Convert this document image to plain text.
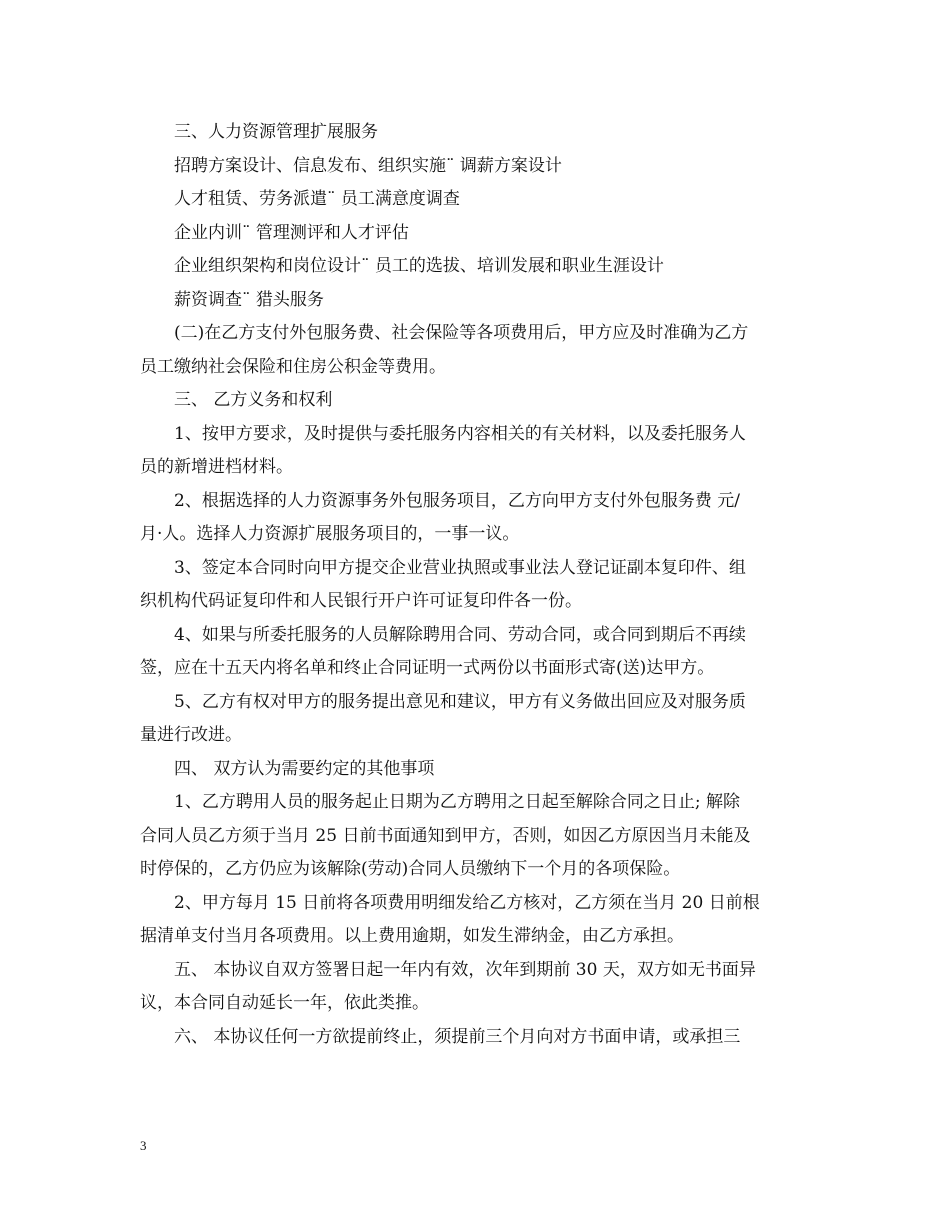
三、人力资源管理扩展服务
招聘方案设计、信息发布、组织实施¨ 调薪方案设计
人才租赁、劳务派遣¨ 员工满意度调查
企业内训¨ 管理测评和人才评估
企业组织架构和岗位设计¨ 员工的选拔、培训发展和职业生涯设计
薪资调查¨ 猎头服务
(二)在乙方支付外包服务费、社会保险等各项费用后，甲方应及时准确为乙方
员工缴纳社会保险和住房公积金等费用。
三、 乙方义务和权利
1、按甲方要求，及时提供与委托服务内容相关的有关材料，以及委托服务人
员的新增进档材料。
2、根据选择的人力资源事务外包服务项目，乙方向甲方支付外包服务费 元/
月·人。选择人力资源扩展服务项目的，一事一议。
3、签定本合同时向甲方提交企业营业执照或事业法人登记证副本复印件、组
织机构代码证复印件和人民银行开户许可证复印件各一份。
4、如果与所委托服务的人员解除聘用合同、劳动合同，或合同到期后不再续
签，应在十五天内将名单和终止合同证明一式两份以书面形式寄(送)达甲方。
5、乙方有权对甲方的服务提出意见和建议，甲方有义务做出回应及对服务质
量进行改进。
四、 双方认为需要约定的其他事项
1、乙方聘用人员的服务起止日期为乙方聘用之日起至解除合同之日止; 解除
合同人员乙方须于当月 25 日前书面通知到甲方，否则，如因乙方原因当月未能及
时停保的，乙方仍应为该解除(劳动)合同人员缴纳下一个月的各项保险。
2、甲方每月 15 日前将各项费用明细发给乙方核对，乙方须在当月 20 日前根
据清单支付当月各项费用。以上费用逾期，如发生滞纳金，由乙方承担。
五、 本协议自双方签署日起一年内有效，次年到期前 30 天，双方如无书面异
议，本合同自动延长一年，依此类推。
六、 本协议任何一方欲提前终止，须提前三个月向对方书面申请，或承担三
3
